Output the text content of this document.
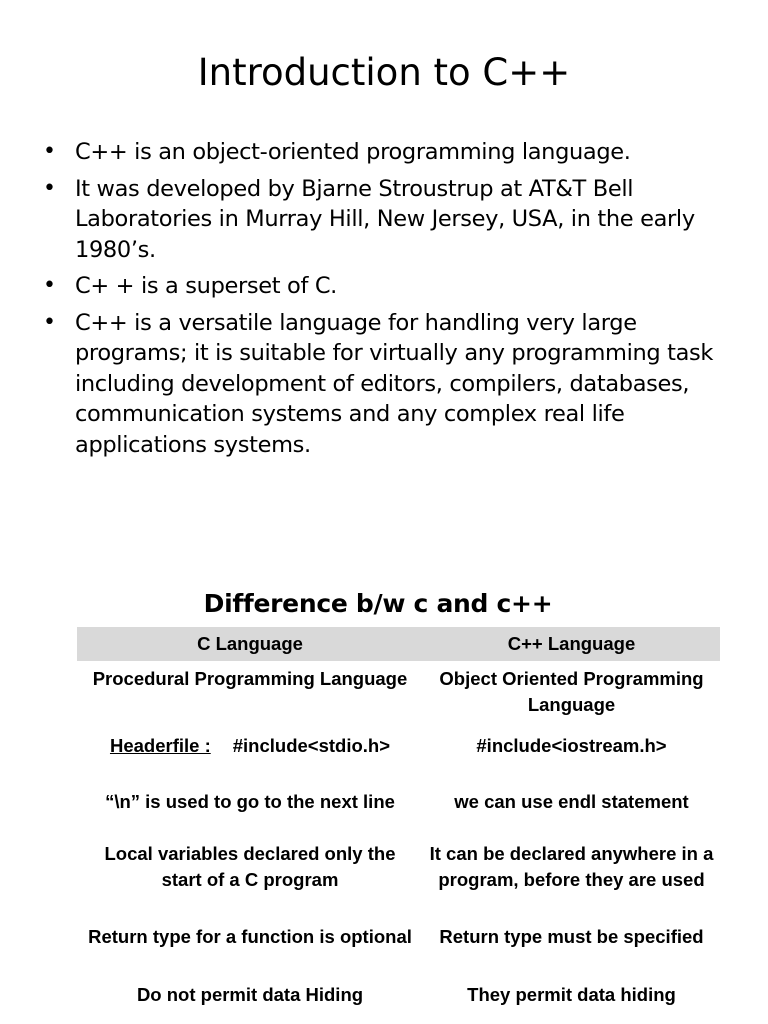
Introduction to C++
• C++ is an object-oriented programming language.
• It was developed by Bjarne Stroustrup at AT&T Bell Laboratories in Murray Hill, New Jersey, USA, in the early 1980’s.
• C+ + is a superset of C.
• C++ is a versatile language for handling very large programs; it is suitable for virtually any programming task including development of editors, compilers, databases, communication systems and any complex real life applications systems.
Difference b/w c and c++
C Language	C++ Language
Procedural Programming Language	Object Oriented Programming Language
Headerfile : #include<stdio.h>	#include<iostream.h>
“\n” is used to go to the next line	we can use endl statement
Local variables declared only the start of a C program	It can be declared anywhere in a program, before they are used
Return type for a function is optional	Return type must be specified
Do not permit data Hiding	They permit data hiding
